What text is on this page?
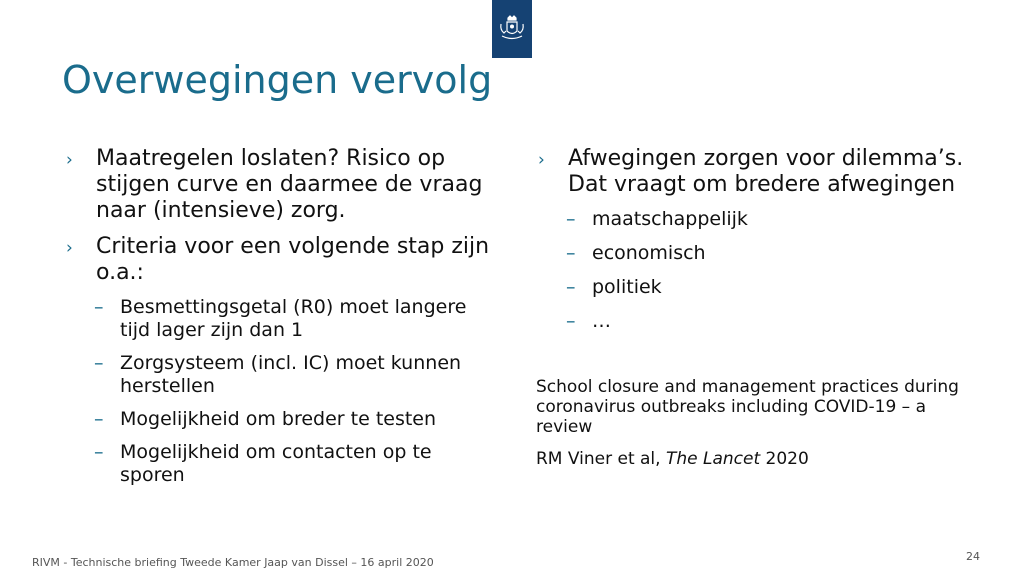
Overwegingen vervolg
› Maatregelen loslaten? Risico op stijgen curve en daarmee de vraag naar (intensieve) zorg.
› Criteria voor een volgende stap zijn o.a.:
– Besmettingsgetal (R0) moet langere tijd lager zijn dan 1
– Zorgsysteem (incl. IC) moet kunnen herstellen
– Mogelijkheid om breder te testen
– Mogelijkheid om contacten op te sporen
› Afwegingen zorgen voor dilemma’s. Dat vraagt om bredere afwegingen
– maatschappelijk
– economisch
– politiek
– …
School closure and management practices during coronavirus outbreaks including COVID-19 – a review
RM Viner et al, The Lancet 2020
RIVM - Technische briefing Tweede Kamer Jaap van Dissel – 16 april 2020	24
